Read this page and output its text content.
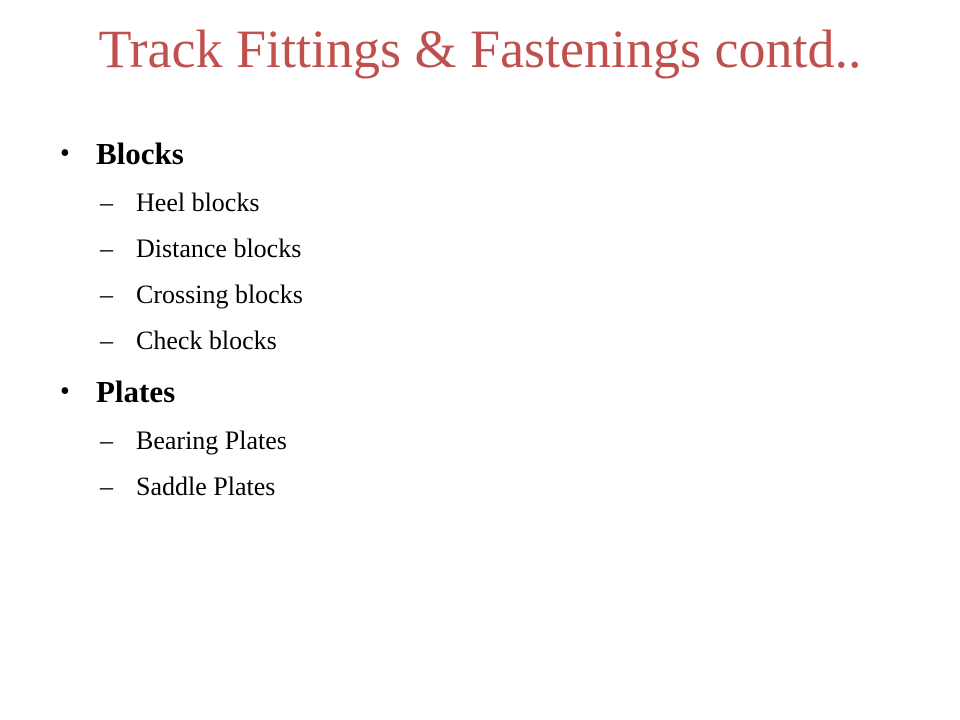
Track Fittings & Fastenings contd..
• Blocks
– Heel blocks
– Distance blocks
– Crossing blocks
– Check blocks
• Plates
– Bearing Plates
– Saddle Plates
